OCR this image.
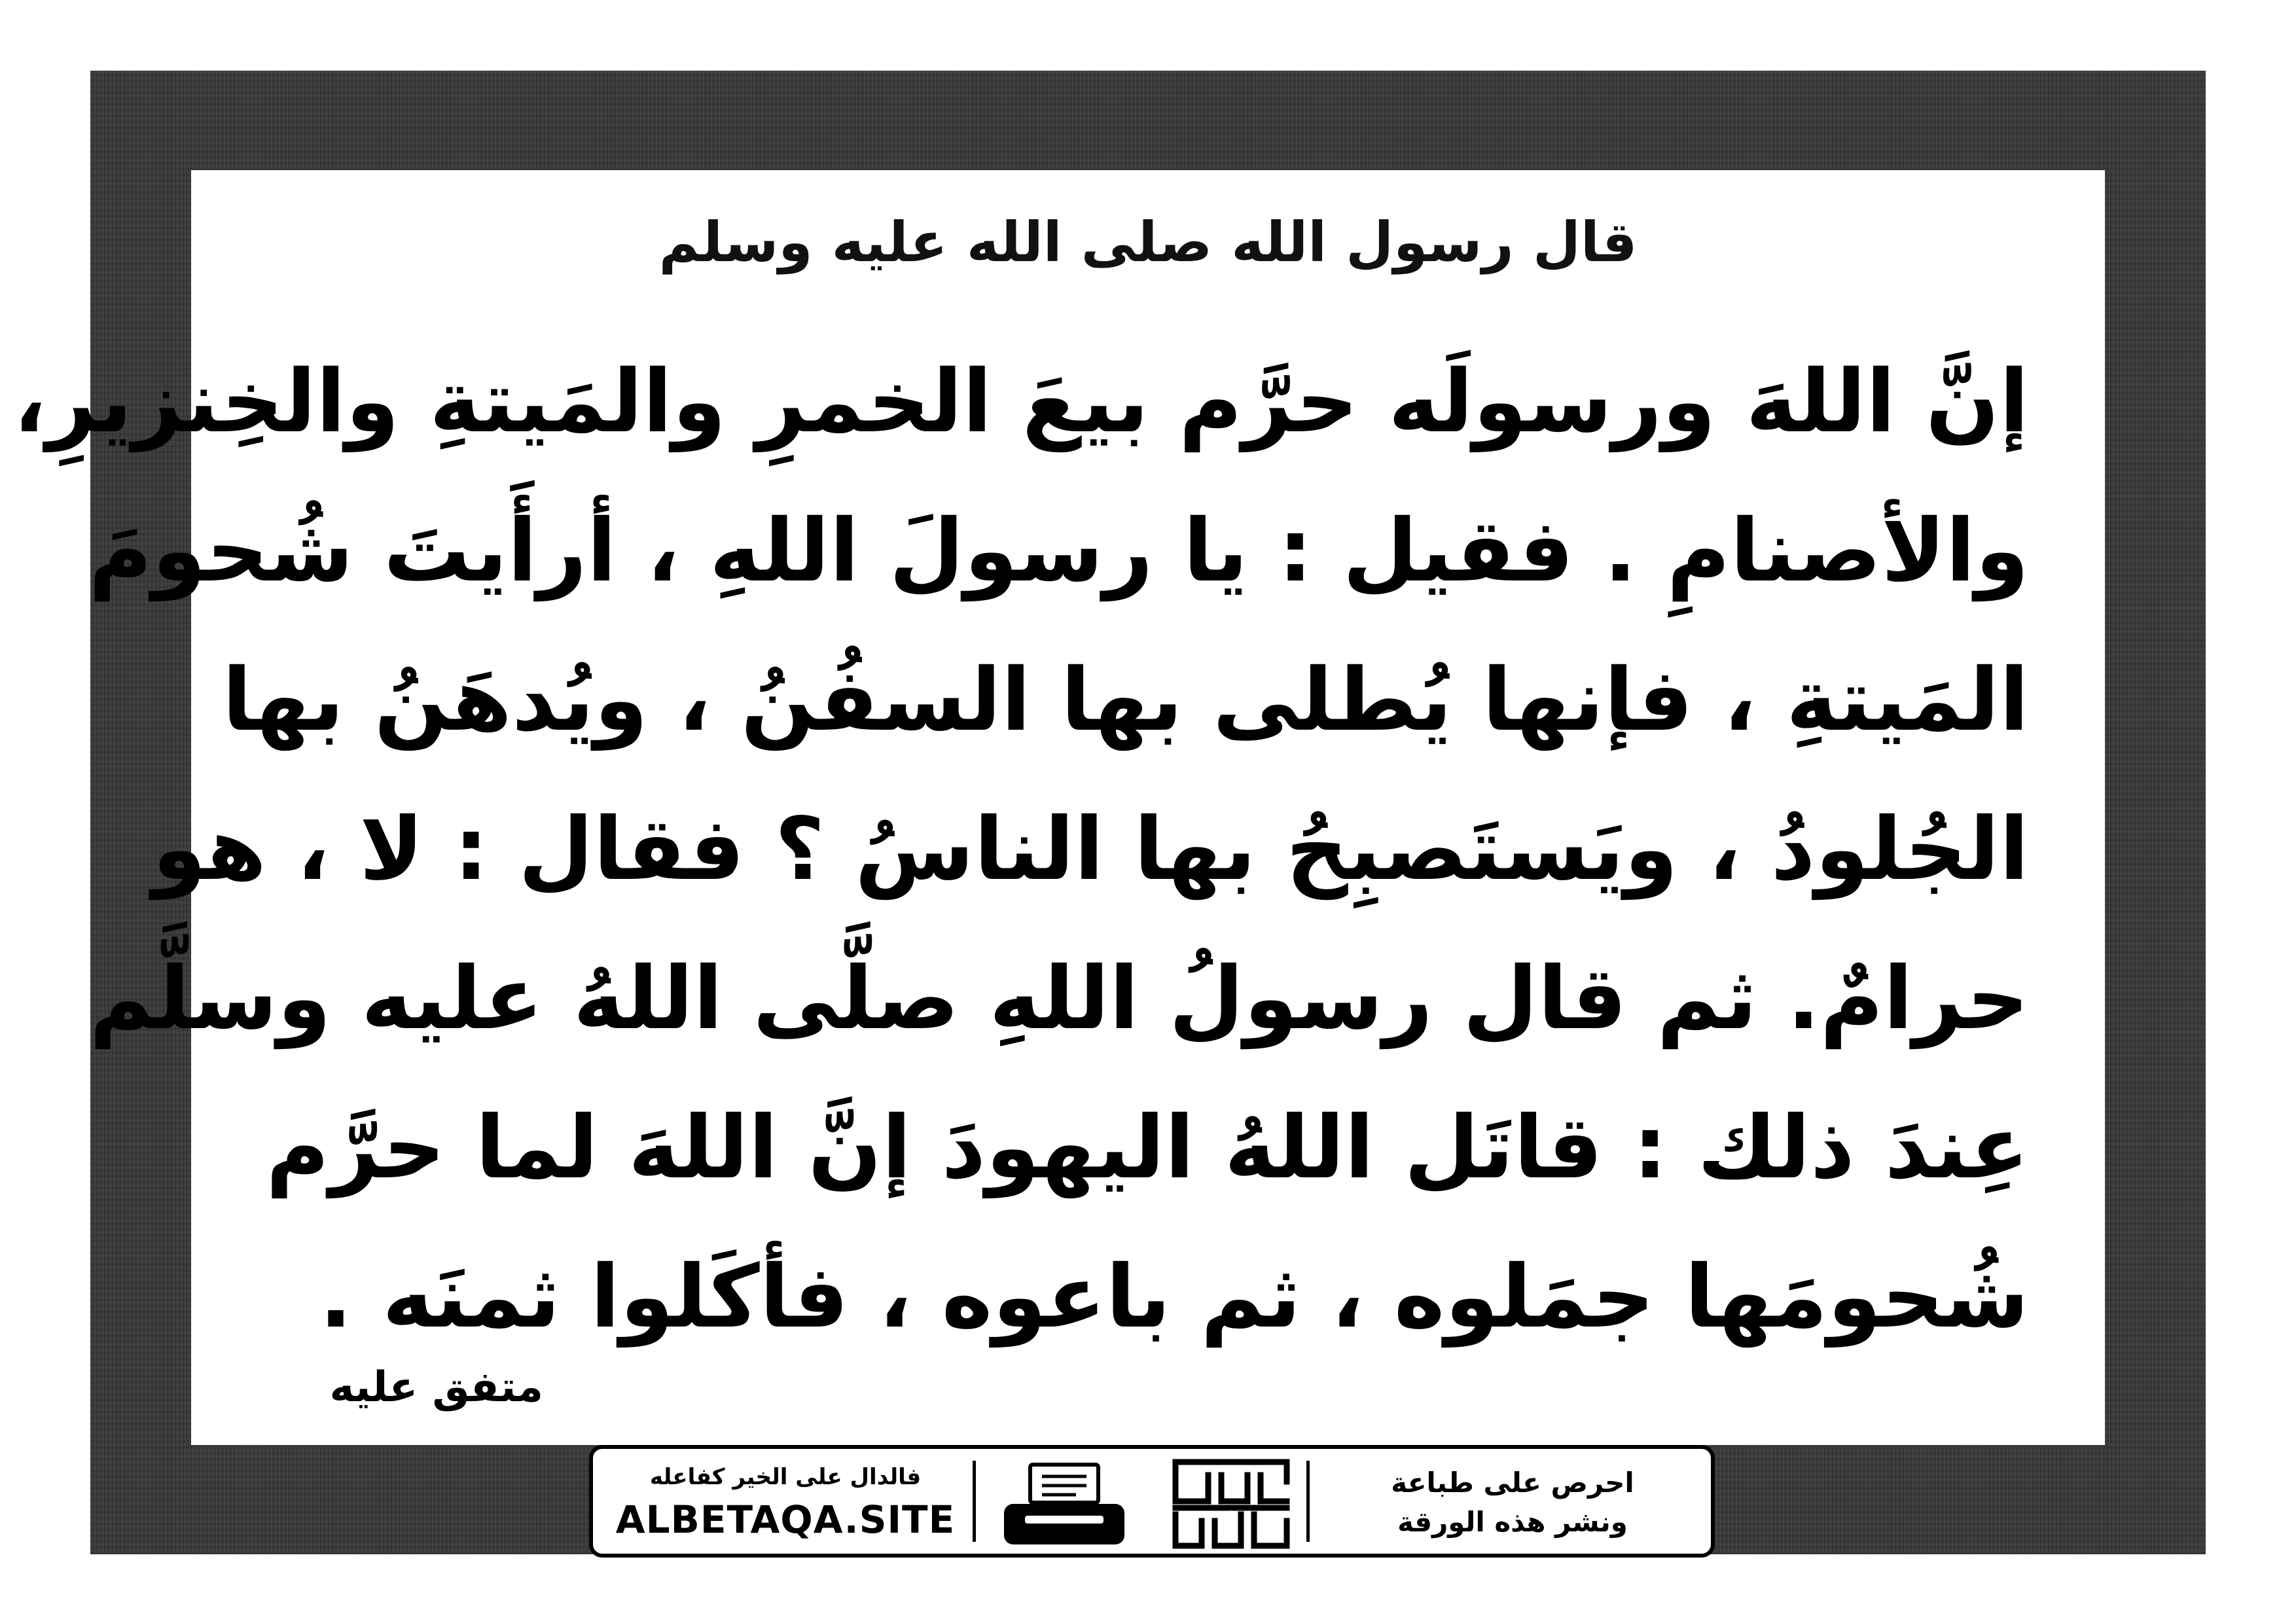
قال رسول الله صلى الله عليه وسلم
إنَّ اللهَ ورسولَه حرَّم بيعَ الخمرِ والمَيتةِ والخِنزيرِ،
والأصنامِ . فقيل : يا رسولَ اللهِ ، أرأَيتَ شُحومَ
المَيتةِ ، فإنها يُطلى بها السفُنُ ، ويُدهَنُ بها
الجُلودُ ، ويَستَصبِحُ بها الناسُ ؟ فقال : لا ، هو
حرامٌ. ثم قال رسولُ اللهِ صلَّى اللهُ عليه وسلَّم
عِندَ ذلك : قاتَل اللهُ اليهودَ إنَّ اللهَ لما حرَّم
شُحومَها جمَلوه ، ثم باعوه ، فأكَلوا ثمنَه .
متفق عليه
فالدال على الخير كفاعله
ALBETAQA.SITE	دعوتنا الورقة
احرص على طباعة
ونشر هذه الورقة
